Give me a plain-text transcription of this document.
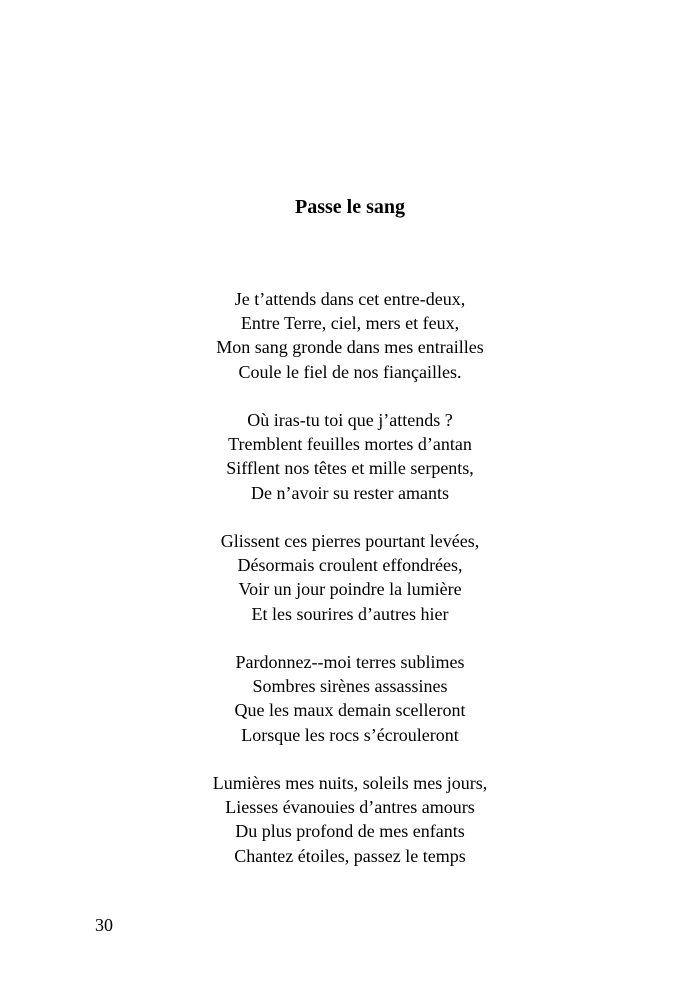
Passe le sang
Je t’attends dans cet entre-deux,
Entre Terre, ciel, mers et feux,
Mon sang gronde dans mes entrailles
Coule le fiel de nos fiançailles.
Où iras-tu toi que j’attends ?
Tremblent feuilles mortes d’antan
Sifflent nos têtes et mille serpents,
De n’avoir su rester amants
Glissent ces pierres pourtant levées,
Désormais croulent effondrées,
Voir un jour poindre la lumière
Et les sourires d’autres hier
Pardonnez--moi terres sublimes
Sombres sirènes assassines
Que les maux demain scelleront
Lorsque les rocs s’écrouleront
Lumières mes nuits, soleils mes jours,
Liesses évanouies d’antres amours
Du plus profond de mes enfants
Chantez étoiles, passez le temps
30
